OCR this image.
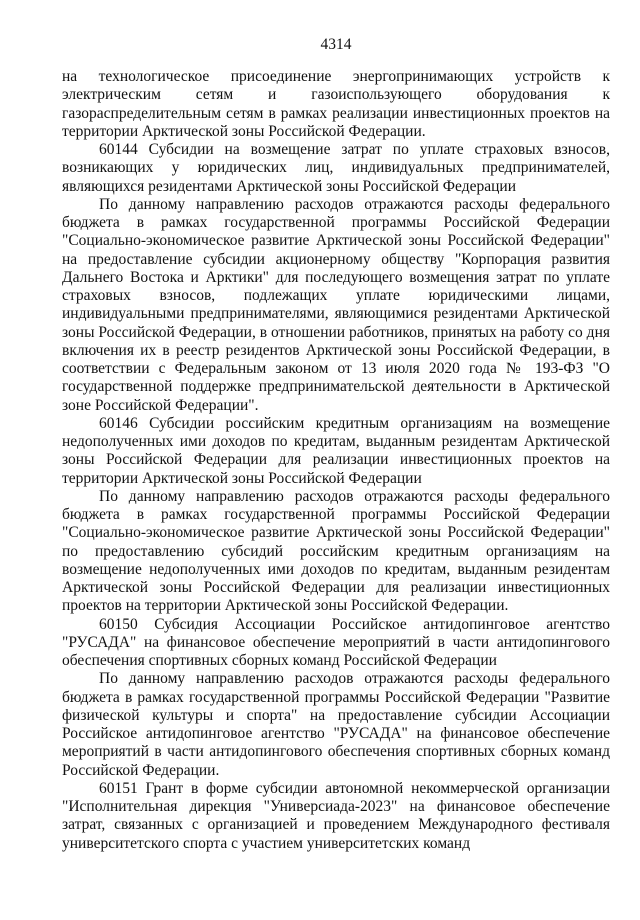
4314

на технологическое присоединение энергопринимающих устройств к электрическим сетям и газоиспользующего оборудования к газораспределительным сетям в рамках реализации инвестиционных проектов на территории Арктической зоны Российской Федерации.

60144 Субсидии на возмещение затрат по уплате страховых взносов, возникающих у юридических лиц, индивидуальных предпринимателей, являющихся резидентами Арктической зоны Российской Федерации

По данному направлению расходов отражаются расходы федерального бюджета в рамках государственной программы Российской Федерации "Социально-экономическое развитие Арктической зоны Российской Федерации" на предоставление субсидии акционерному обществу "Корпорация развития Дальнего Востока и Арктики" для последующего возмещения затрат по уплате страховых взносов, подлежащих уплате юридическими лицами, индивидуальными предпринимателями, являющимися резидентами Арктической зоны Российской Федерации, в отношении работников, принятых на работу со дня включения их в реестр резидентов Арктической зоны Российской Федерации, в соответствии с Федеральным законом от 13 июля 2020 года № 193-ФЗ "О государственной поддержке предпринимательской деятельности в Арктической зоне Российской Федерации".

60146 Субсидии российским кредитным организациям на возмещение недополученных ими доходов по кредитам, выданным резидентам Арктической зоны Российской Федерации для реализации инвестиционных проектов на территории Арктической зоны Российской Федерации

По данному направлению расходов отражаются расходы федерального бюджета в рамках государственной программы Российской Федерации "Социально-экономическое развитие Арктической зоны Российской Федерации" по предоставлению субсидий российским кредитным организациям на возмещение недополученных ими доходов по кредитам, выданным резидентам Арктической зоны Российской Федерации для реализации инвестиционных проектов на территории Арктической зоны Российской Федерации.

60150 Субсидия Ассоциации Российское антидопинговое агентство "РУСАДА" на финансовое обеспечение мероприятий в части антидопингового обеспечения спортивных сборных команд Российской Федерации

По данному направлению расходов отражаются расходы федерального бюджета в рамках государственной программы Российской Федерации "Развитие физической культуры и спорта" на предоставление субсидии Ассоциации Российское антидопинговое агентство "РУСАДА" на финансовое обеспечение мероприятий в части антидопингового обеспечения спортивных сборных команд Российской Федерации.

60151 Грант в форме субсидии автономной некоммерческой организации "Исполнительная дирекция "Универсиада-2023" на финансовое обеспечение затрат, связанных с организацией и проведением Международного фестиваля университетского спорта с участием университетских команд
